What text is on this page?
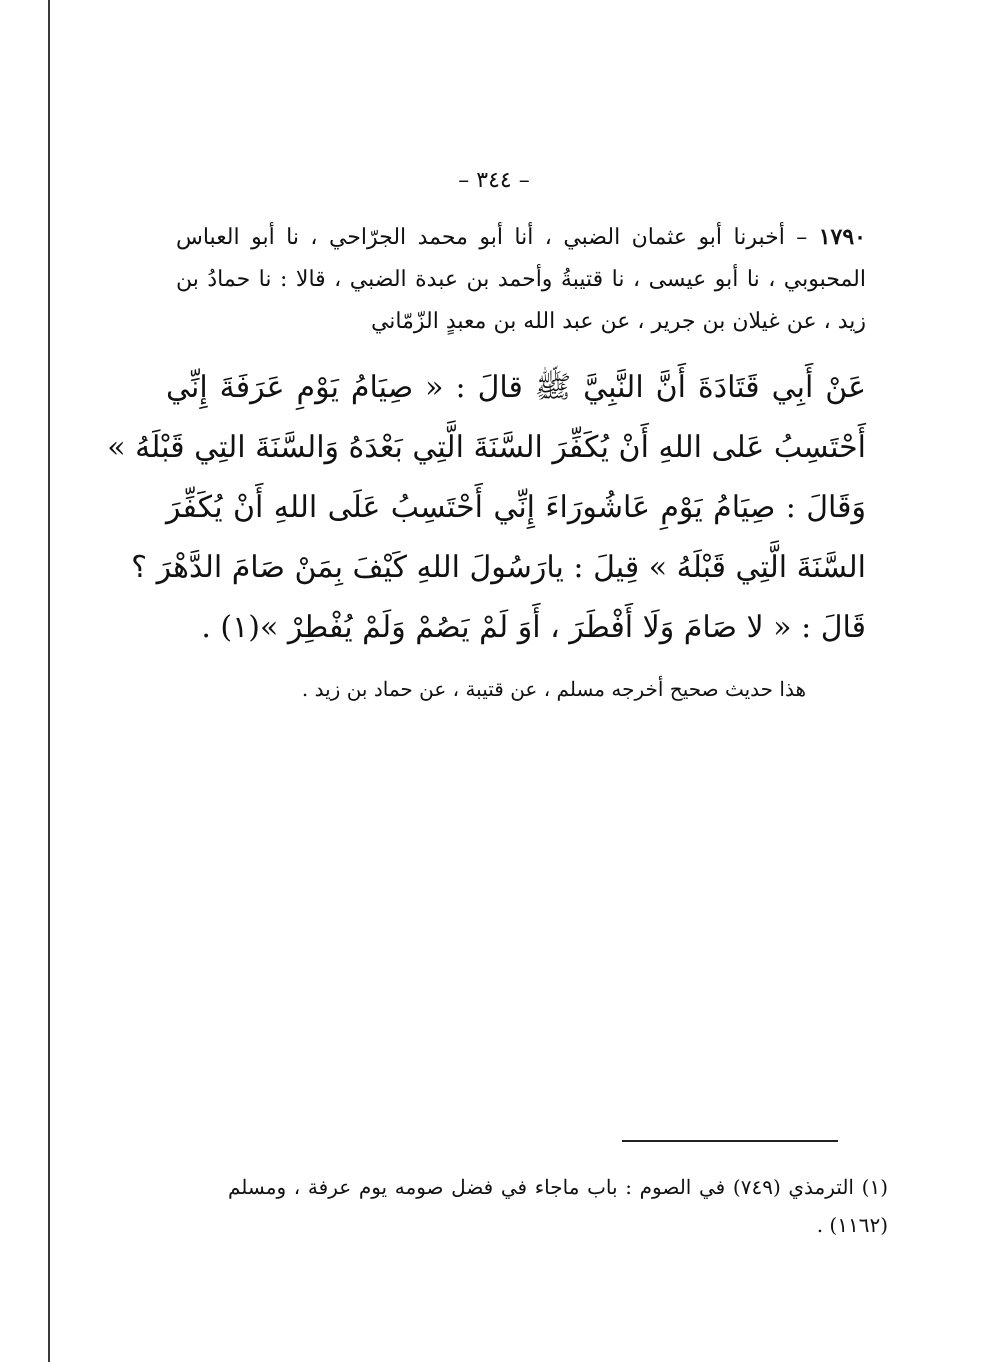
– ٣٤٤ –
١٧٩٠ – أخبرنا أبو عثمان الضبي ، أنا أبو محمد الجرّاحي ، نا أبو العباس المحبوبي ، نا أبو عيسى ، نا قتيبةُ وأحمد بن عبدة الضبي ، قالا : نا حمادُ بن زيد ، عن غيلان بن جرير ، عن عبد الله بن معبدٍ الزّمّاني
عَنْ أَبِي قَتَادَةَ أَنَّ النَّبِيَّ ﷺ قالَ : « صِيَامُ يَوْمِ عَرَفَةَ إِنِّي
أَحْتَسِبُ عَلى اللهِ أَنْ يُكَفِّرَ السَّنَةَ الَّتِي بَعْدَهُ وَالسَّنَةَ التِي قَبْلَهُ »
وَقَالَ : صِيَامُ يَوْمِ عَاشُورَاءَ إِنِّي أَحْتَسِبُ عَلَى اللهِ أَنْ يُكَفِّرَ
السَّنَةَ الَّتِي قَبْلَهُ » قِيلَ : يارَسُولَ اللهِ كَيْفَ بِمَنْ صَامَ الدَّهْرَ ؟
قَالَ : « لا صَامَ وَلَا أَفْطَرَ ، أَوَ لَمْ يَصُمْ وَلَمْ يُفْطِرْ »(١) .
هذا حديث صحيح أخرجه مسلم ، عن قتيبة ، عن حماد بن زيد .
(١) الترمذي (٧٤٩) في الصوم : باب ماجاء في فضل صومه يوم عرفة ، ومسلم (١١٦٢) .
